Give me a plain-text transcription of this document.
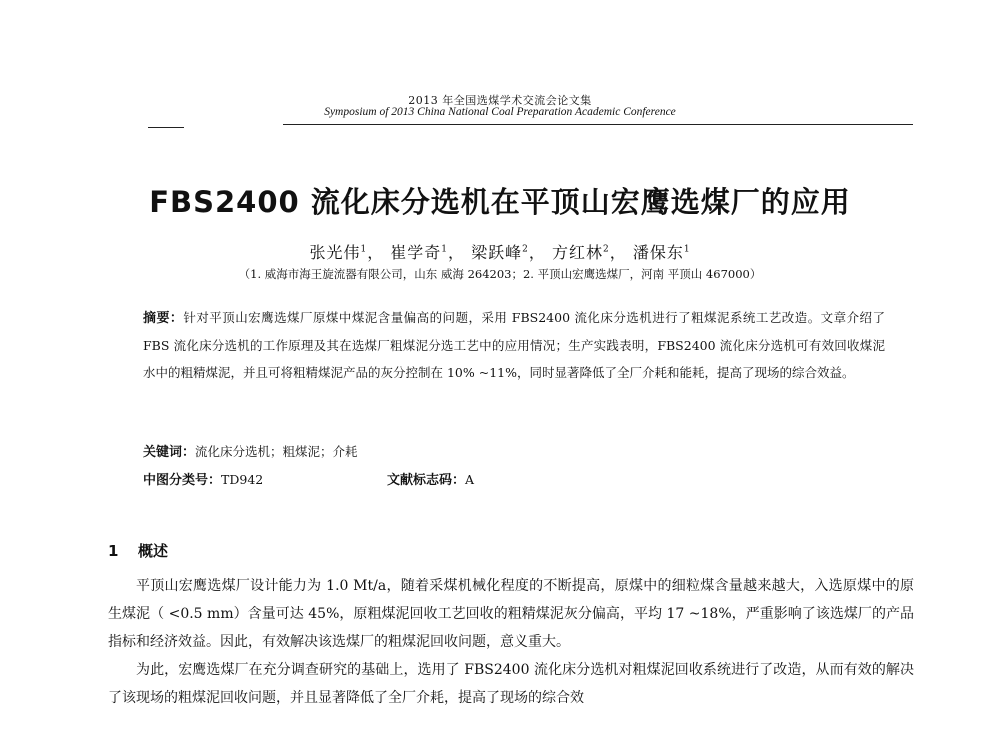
2013 年全国选煤学术交流会论文集
Symposium of 2013 China National Coal Preparation Academic Conference
FBS2400 流化床分选机在平顶山宏鹰选煤厂的应用
张光伟$^1$， 崔学奇$^1$， 梁跃峰$^2$， 方红林$^2$， 潘保东$^1$
（1. 威海市海王旋流器有限公司，山东 威海 264203；2. 平顶山宏鹰选煤厂，河南 平顶山 467000）
摘要：针对平顶山宏鹰选煤厂原煤中煤泥含量偏高的问题，采用 FBS2400 流化床分选机进行了粗煤泥系统工艺改造。文章介绍了 FBS 流化床分选机的工作原理及其在选煤厂粗煤泥分选工艺中的应用情况；生产实践表明，FBS2400 流化床分选机可有效回收煤泥水中的粗精煤泥，并且可将粗精煤泥产品的灰分控制在 10% ~11%，同时显著降低了全厂介耗和能耗，提高了现场的综合效益。
关键词：流化床分选机；粗煤泥；介耗
中图分类号：TD942	文献标志码：A
1 概述

平顶山宏鹰选煤厂设计能力为 1.0 Mt/a，随着采煤机械化程度的不断提高，原煤中的细粒煤含量越来越大，入选原煤中的原生煤泥（ <0.5 mm）含量可达 45%，原粗煤泥回收工艺回收的粗精煤泥灰分偏高，平均 17 ~18%，严重影响了该选煤厂的产品指标和经济效益。因此，有效解决该选煤厂的粗煤泥回收问题，意义重大。

为此，宏鹰选煤厂在充分调查研究的基础上，选用了 FBS2400 流化床分选机对粗煤泥回收系统进行了改造，从而有效的解决了该现场的粗煤泥回收问题，并且显著降低了全厂介耗，提高了现场的综合效
